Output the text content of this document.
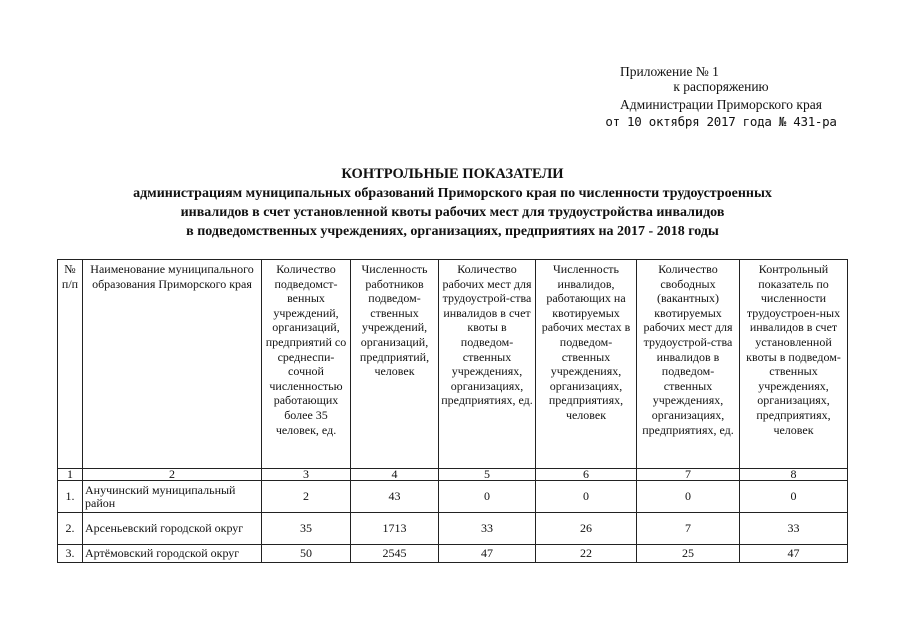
Приложение № 1
к распоряжению
Администрации Приморского края
от 10 октября 2017 года № 431-ра
КОНТРОЛЬНЫЕ ПОКАЗАТЕЛИ
администрациям муниципальных образований Приморского края по численности трудоустроенных
инвалидов в счет установленной квоты рабочих мест для трудоустройства инвалидов
в подведомственных учреждениях, организациях, предприятиях на 2017 - 2018 годы
№ п/п	Наименование муниципального образования Приморского края	Количество подведомст-венных учреждений, организаций, предприятий со среднеспи-сочной численностью работающих более 35 человек, ед.	Численность работников подведом-ственных учреждений, организаций, предприятий, человек	Количество рабочих мест для трудоустрой-ства инвалидов в счет квоты в подведом-ственных учреждениях, организациях, предприятиях, ед.	Численность инвалидов, работающих на квотируемых рабочих местах в подведом-ственных учреждениях, организациях, предприятиях, человек	Количество свободных (вакантных) квотируемых рабочих мест для трудоустрой-ства инвалидов в подведом-ственных учреждениях, организациях, предприятиях, ед.	Контрольный показатель по численности трудоустроен-ных инвалидов в счет установленной квоты в подведом-ственных учреждениях, организациях, предприятиях, человек
1	2	3	4	5	6	7	8
1.	Анучинский муниципальный район	2	43	0	0	0	0
2.	Арсеньевский городской округ	35	1713	33	26	7	33
3.	Артёмовский городской округ	50	2545	47	22	25	47
